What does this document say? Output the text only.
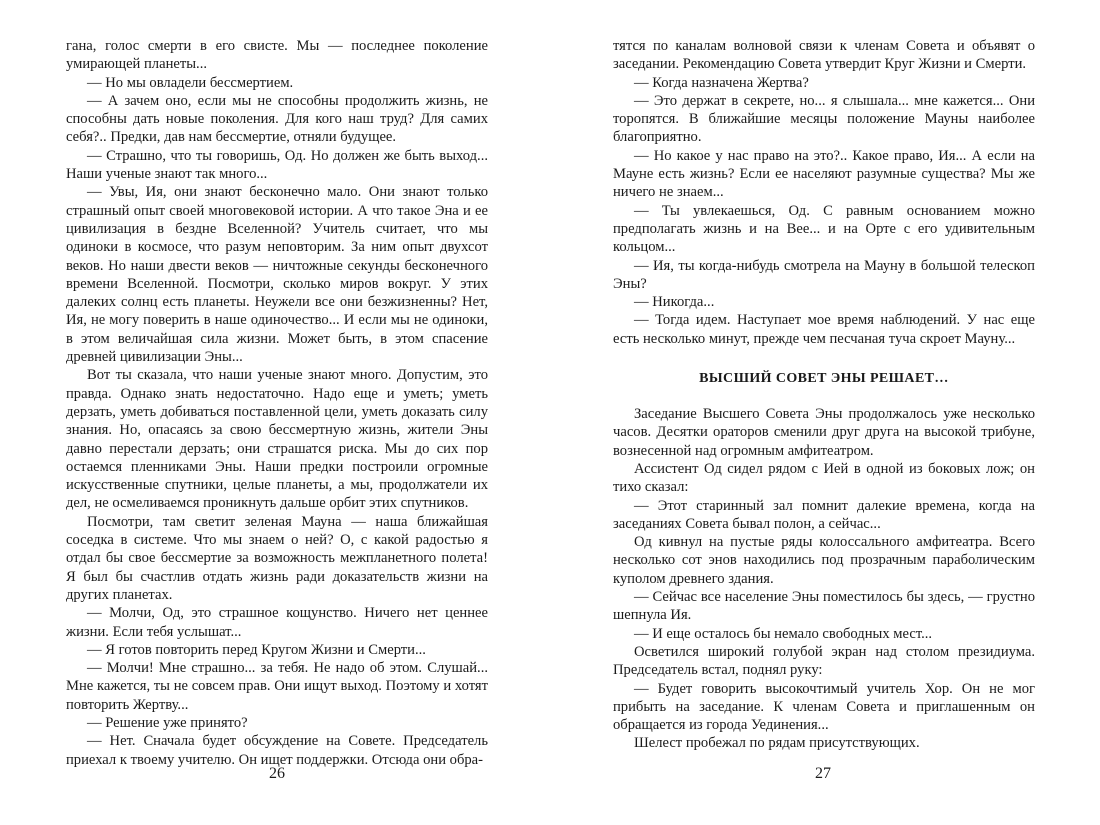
гана, голос смерти в его свисте. Мы — последнее поколение умирающей планеты...

— Но мы овладели бессмертием.

— А зачем оно, если мы не способны продолжить жизнь, не способны дать новые поколения. Для кого наш труд? Для самих себя?.. Предки, дав нам бессмертие, отняли будущее.

— Страшно, что ты говоришь, Од. Но должен же быть выход... Наши ученые знают так много...

— Увы, Ия, они знают бесконечно мало. Они знают только страшный опыт своей многовековой истории. А что такое Эна и ее цивилизация в бездне Вселенной? Учитель считает, что мы одиноки в космосе, что разум неповторим. За ним опыт двухсот веков. Но наши двести веков — ничтожные секунды бесконечного времени Вселенной. Посмотри, сколько миров вокруг. У этих далеких солнц есть планеты. Неужели все они безжизненны? Нет, Ия, не могу поверить в наше одиночество... И если мы не одиноки, в этом величайшая сила жизни. Может быть, в этом спасение древней цивилизации Эны...

Вот ты сказала, что наши ученые знают много. Допустим, это правда. Однако знать недостаточно. Надо еще и уметь; уметь дерзать, уметь добиваться поставленной цели, уметь доказать силу знания. Но, опасаясь за свою бессмертную жизнь, жители Эны давно перестали дерзать; они страшатся риска. Мы до сих пор остаемся пленниками Эны. Наши предки построили огромные искусственные спутники, целые планеты, а мы, продолжатели их дел, не осмеливаемся проникнуть дальше орбит этих спутников.

Посмотри, там светит зеленая Мауна — наша ближайшая соседка в системе. Что мы знаем о ней? О, с какой радостью я отдал бы свое бессмертие за возможность межпланетного полета! Я был бы счастлив отдать жизнь ради доказательств жизни на других планетах.

— Молчи, Од, это страшное кощунство. Ничего нет ценнее жизни. Если тебя услышат...

— Я готов повторить перед Кругом Жизни и Смерти...

— Молчи! Мне страшно... за тебя. Не надо об этом. Слушай... Мне кажется, ты не совсем прав. Они ищут выход. Поэтому и хотят повторить Жертву...

— Решение уже принято?

— Нет. Сначала будет обсуждение на Совете. Председатель приехал к твоему учителю. Он ищет поддержки. Отсюда они обра-

26

тятся по каналам волновой связи к членам Совета и объявят о заседании. Рекомендацию Совета утвердит Круг Жизни и Смерти.

— Когда назначена Жертва?

— Это держат в секрете, но... я слышала... мне кажется... Они торопятся. В ближайшие месяцы положение Мауны наиболее благоприятно.

— Но какое у нас право на это?.. Какое право, Ия... А если на Мауне есть жизнь? Если ее населяют разумные существа? Мы же ничего не знаем...

— Ты увлекаешься, Од. С равным основанием можно предполагать жизнь и на Вее... и на Орте с его удивительным кольцом...

— Ия, ты когда-нибудь смотрела на Мауну в большой телескоп Эны?

— Никогда...

— Тогда идем. Наступает мое время наблюдений. У нас еще есть несколько минут, прежде чем песчаная туча скроет Мауну...

ВЫСШИЙ СОВЕТ ЭНЫ РЕШАЕТ…

Заседание Высшего Совета Эны продолжалось уже несколько часов. Десятки ораторов сменили друг друга на высокой трибуне, вознесенной над огромным амфитеатром.

Ассистент Од сидел рядом с Ией в одной из боковых лож; он тихо сказал:

— Этот старинный зал помнит далекие времена, когда на заседаниях Совета бывал полон, а сейчас...

Од кивнул на пустые ряды колоссального амфитеатра. Всего несколько сот энов находились под прозрачным параболическим куполом древнего здания.

— Сейчас все население Эны поместилось бы здесь, — грустно шепнула Ия.

— И еще осталось бы немало свободных мест...

Осветился широкий голубой экран над столом президиума. Председатель встал, поднял руку:

— Будет говорить высокочтимый учитель Хор. Он не мог прибыть на заседание. К членам Совета и приглашенным он обращается из города Уединения...

Шелест пробежал по рядам присутствующих.

27
